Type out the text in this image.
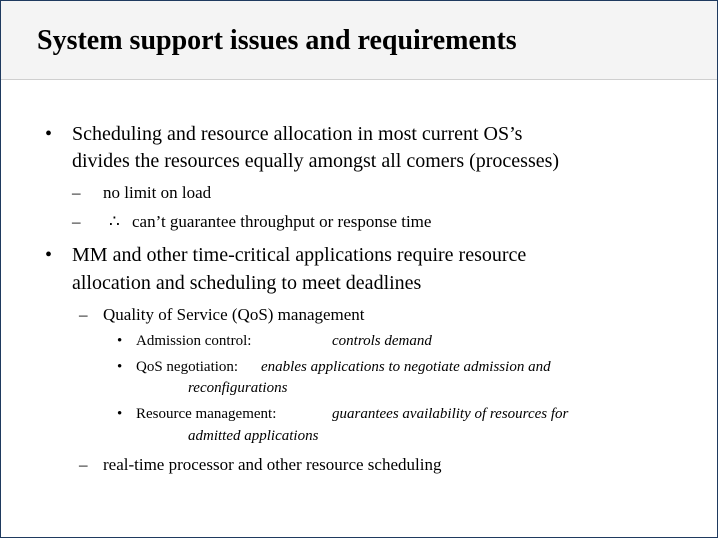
System support issues and requirements
• Scheduling and resource allocation in most current OS’s
divides the resources equally amongst all comers (processes)
– no limit on load
– ∴ can’t guarantee throughput or response time
• MM and other time-critical applications require resource
allocation and scheduling to meet deadlines
– Quality of Service (QoS) management
• Admission control:	controls demand
• QoS negotiation: enables applications to negotiate admission and
reconfigurations
• Resource management:	guarantees availability of resources for
admitted applications
– real-time processor and other resource scheduling
